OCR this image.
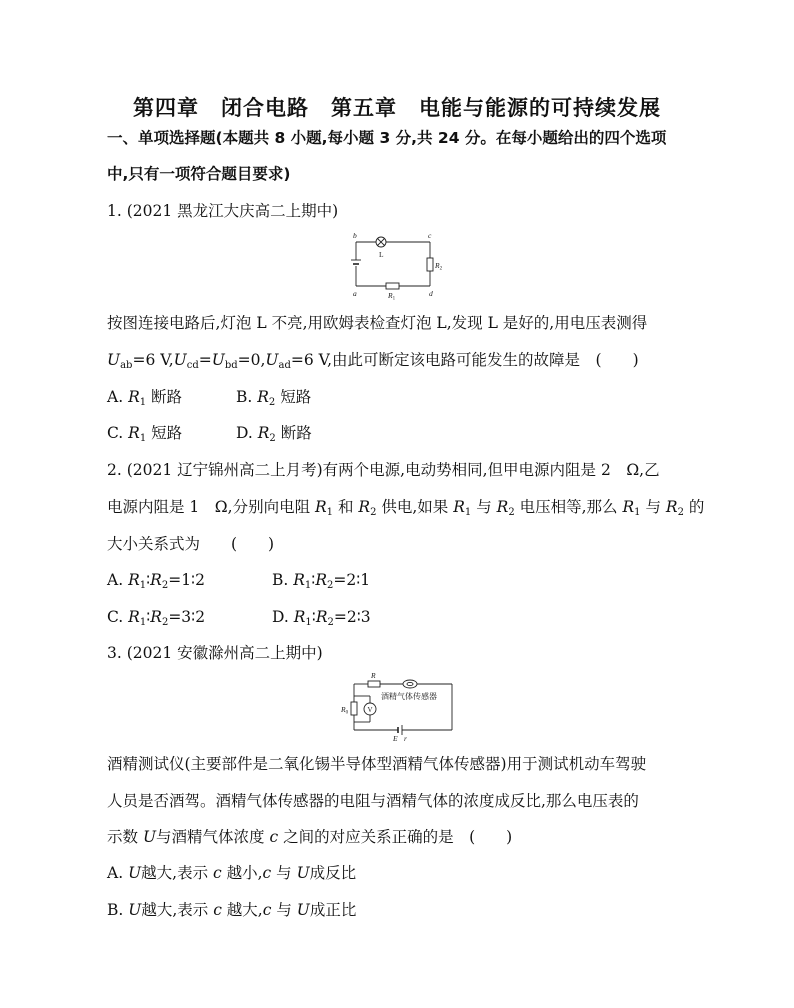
第四章　闭合电路　第五章　电能与能源的可持续发展
一、单项选择题(本题共 8 小题,每小题 3 分,共 24 分。在每小题给出的四个选项
中,只有一项符合题目要求)
1. (2021 黑龙江大庆高二上期中)
b	c
a	d
$R_2$
$R_1$
L
按图连接电路后,灯泡 L 不亮,用欧姆表检查灯泡 L,发现 L 是好的,用电压表测得
$U_{ab}=6$ $V,U_{cd}=U_{bd}=0,U_{ad}=6$ V,由此可断定该电路可能发生的故障是　(　　)
A. $R_1$ 断路	B. $R_2$ 短路
C. $R_1$ 短路	D. $R_2$ 断路
2. (2021 辽宁锦州高二上月考)有两个电源,电动势相同,但甲电源内阻是 2　Ω,乙
电源内阻是 1　Ω,分别向电阻 $R_1$ 和 $R_2$ 供电,如果 $R_1$ 与 $R_2$ 电压相等,那么 $R_1$ 与 $R_2$ 的
大小关系式为　　(　　)
A. $R_1∶R_2=1∶2$	B. $R_1∶R_2=2∶1$
C. $R_1∶R_2=3∶2$	D. $R_1∶R_2=2∶3$
3. (2021 安徽滁州高二上期中)
R
酒精气体传感器
$R_0$	V
E r
酒精测试仪(主要部件是二氧化锡半导体型酒精气体传感器)用于测试机动车驾驶
人员是否酒驾。酒精气体传感器的电阻与酒精气体的浓度成反比,那么电压表的
示数 U与酒精气体浓度 c 之间的对应关系正确的是　(　　)
A. U越大,表示 c 越小,c 与 U成反比
B. U越大,表示 c 越大,c 与 U成正比
